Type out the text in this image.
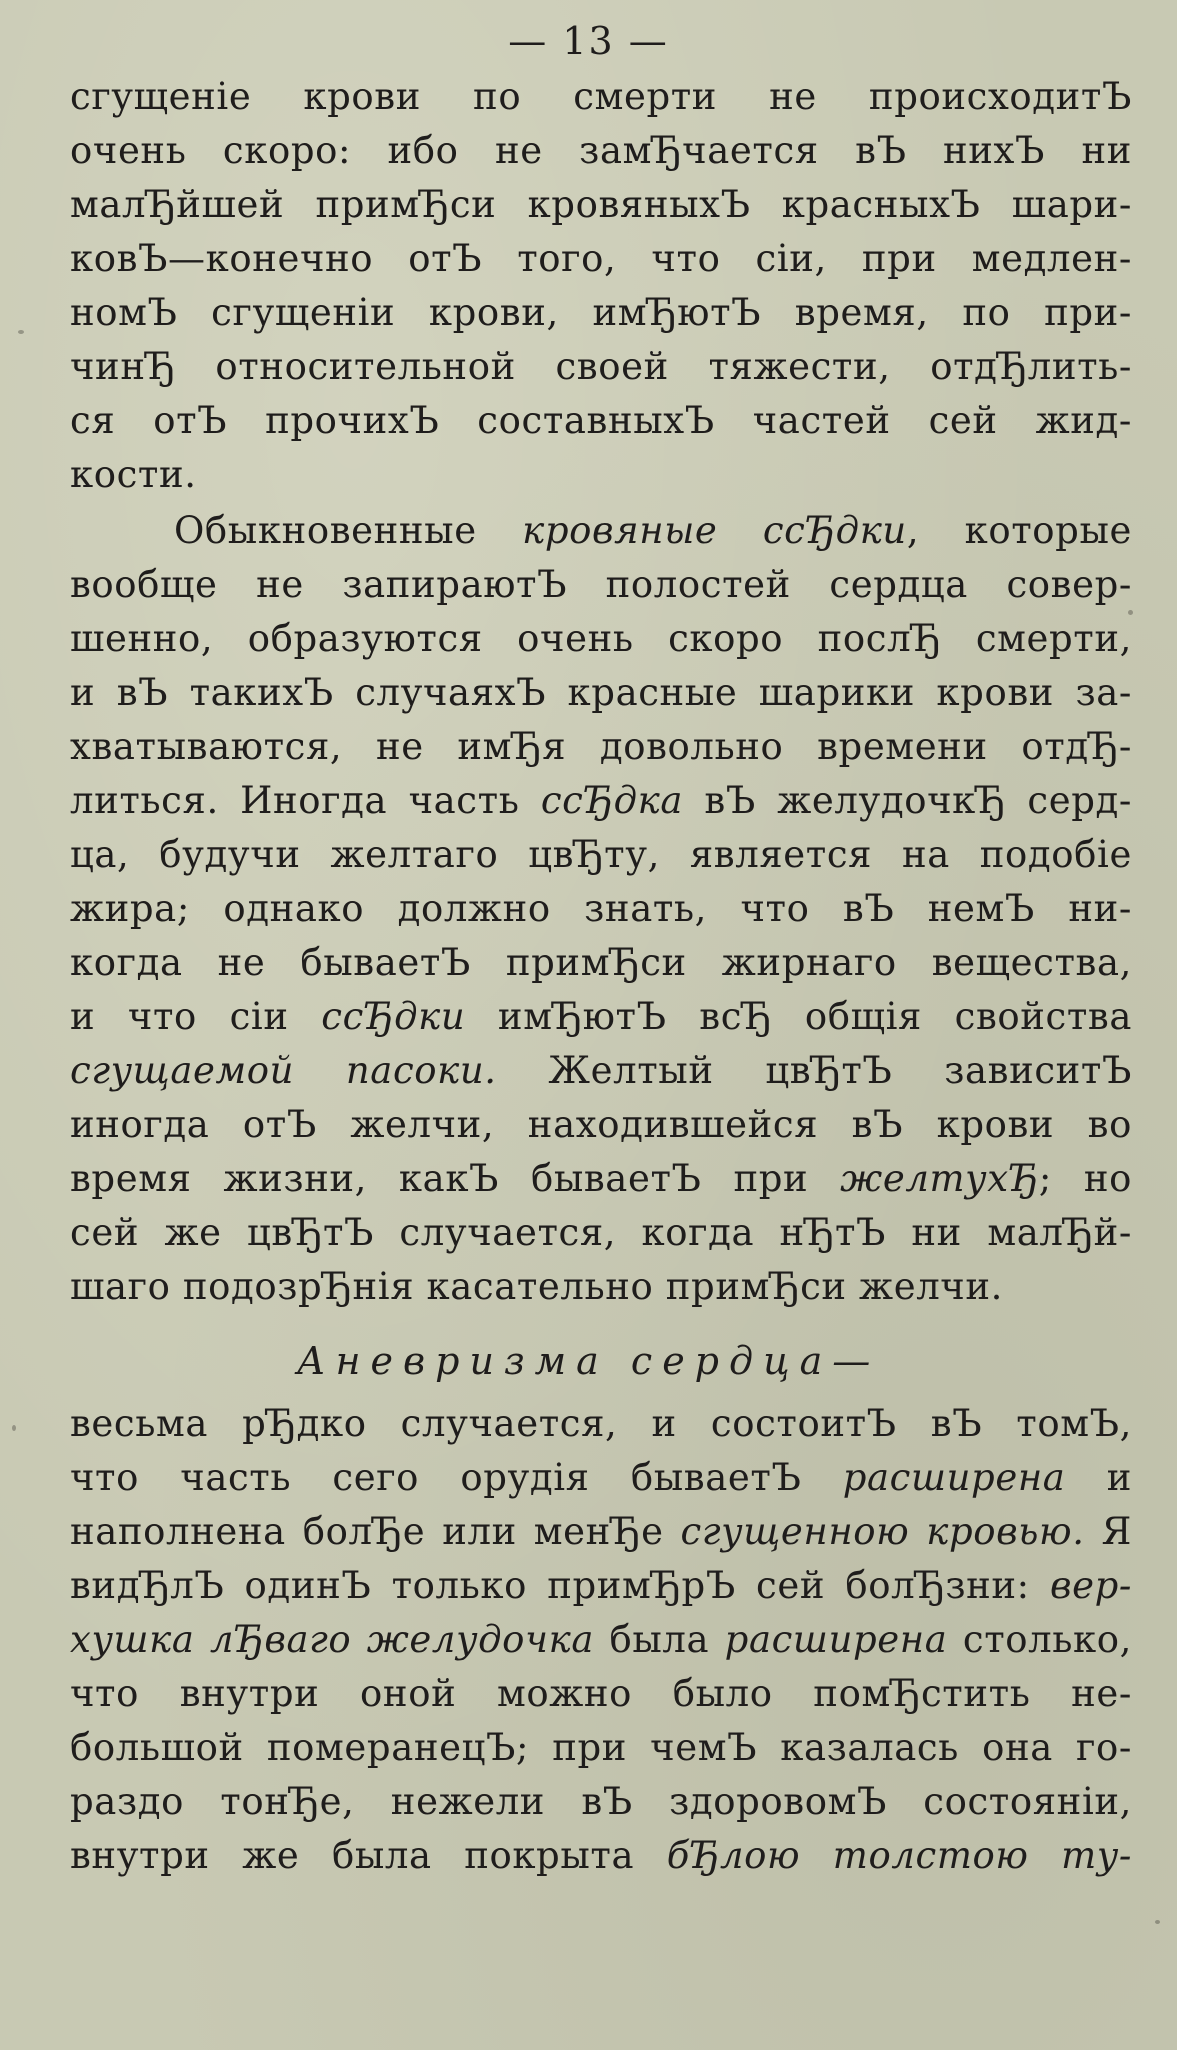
— 13 —
сгущеніе крови по смерти не происходитЪ
очень скоро: ибо не замЂчается вЪ нихЪ ни
малЂйшей примЂси кровяныхЪ красныхЪ шари-
ковЪ—конечно отЪ того, что сіи, при медлен-
номЪ сгущеніи крови, имЂютЪ время, по при-
чинЂ относительной своей тяжести, отдЂлить-
ся отЪ прочихЪ составныхЪ частей сей жид-
кости.
Обыкновенные кровяные ссЂдки, которые
вообще не запираютЪ полостей сердца совер-
шенно, образуются очень скоро послЂ смерти,
и вЪ такихЪ случаяхЪ красные шарики крови за-
хватываются, не имЂя довольно времени отдЂ-
литься. Иногда часть ссЂдка вЪ желудочкЂ серд-
ца, будучи желтаго цвЂту, является на подобіе
жира; однако должно знать, что вЪ немЪ ни-
когда не бываетЪ примЂси жирнаго вещества,
и что сіи ссЂдки имЂютЪ всЂ общія свойства
сгущаемой пасоки. Желтый цвЂтЪ зависитЪ
иногда отЪ желчи, находившейся вЪ крови во
время жизни, какЪ бываетЪ при желтухЂ; но
сей же цвЂтЪ случается, когда нЂтЪ ни малЂй-
шаго подозрЂнія касательно примЂси желчи.
весьма рЂдко случается, и состоитЪ вЪ томЪ,
что часть сего орудія бываетЪ расширена и
наполнена болЂе или менЂе сгущенною кровью. Я
видЂлЪ одинЪ только примЂрЪ сей болЂзни: вер-
хушка лЂваго желудочка была расширена столько,
что внутри оной можно было помЂстить не-
большой померанецЪ; при чемЪ казалась она го-
раздо тонЂе, нежели вЪ здоровомЪ состояніи,
внутри же была покрыта бЂлою толстою ту-
Аневризма сердца—
